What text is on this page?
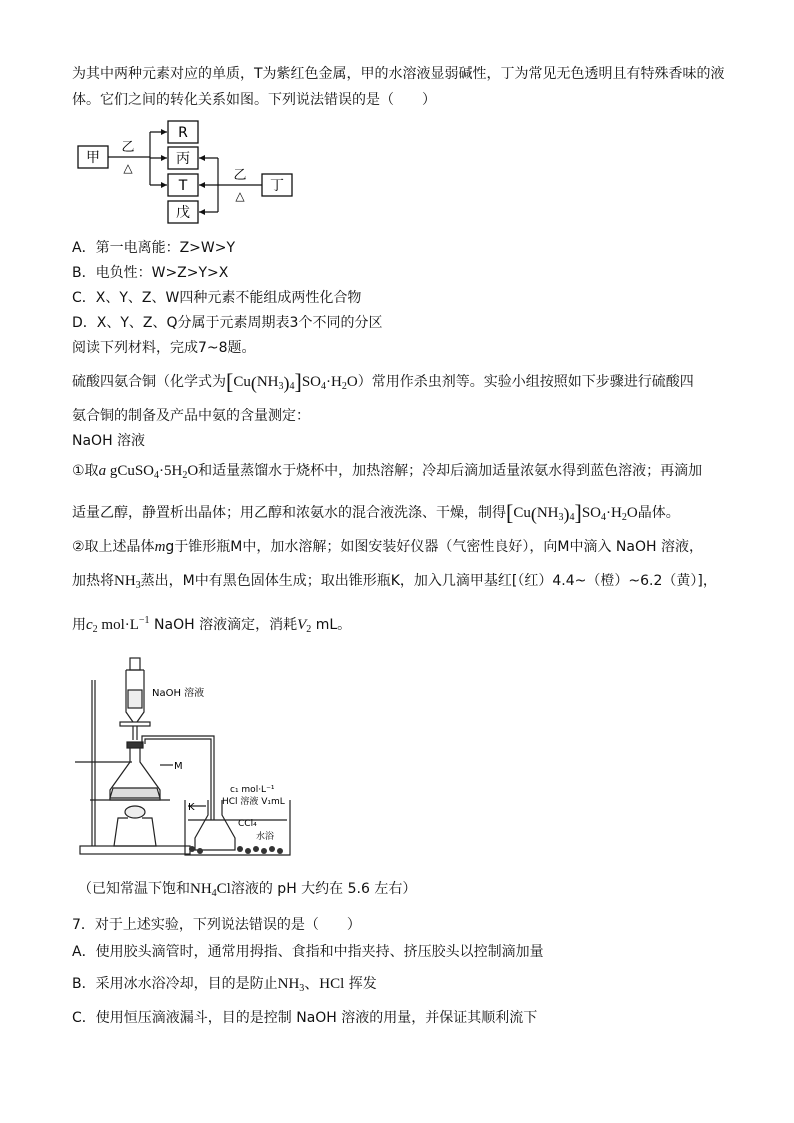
为其中两种元素对应的单质，T为紫红色金属，甲的水溶液显弱碱性，丁为常见无色透明且有特殊香味的液
体。它们之间的转化关系如图。下列说法错误的是（　　）
甲
R
丙
T
戊
丁
乙
△	乙
△
A．第一电离能：Z>W>Y
B．电负性：W>Z>Y>X
C．X、Y、Z、W四种元素不能组成两性化合物
D．X、Y、Z、Q分属于元素周期表3个不同的分区
阅读下列材料，完成7~8题。
硫酸四氨合铜（化学式为$[Cu(NH_3)_4]SO_4\cdot H_2O$）常用作杀虫剂等。实验小组按照如下步骤进行硫酸四
氨合铜的制备及产品中氨的含量测定：
NaOH 溶液
①取a $gCuSO_4\cdot 5H_2O$和适量蒸馏水于烧杯中，加热溶解；冷却后滴加适量浓氨水得到蓝色溶液；再滴加
适量乙醇，静置析出晶体；用乙醇和浓氨水的混合液洗涤、干燥，制得$[Cu(NH_3)_4]SO_4\cdot H_2O$晶体。
②取上述晶体mg于锥形瓶M中，加水溶解；如图安装好仪器（气密性良好），向M中滴入 NaOH 溶液，
加热将$NH_3$蒸出，M中有黑色固体生成；取出锥形瓶K，加入几滴甲基红[（红）4.4~（橙）~6.2（黄）]，
用$c_2$ $mol\cdot L^{-1}$ NaOH 溶液滴定，消耗$V_2$ mL。
NaOH 溶液
M
K
c₁ mol·L⁻¹
HCl 溶液 V₁mL
CCl₄
水浴
（已知常温下饱和$NH_4Cl$溶液的 pH 大约在 5.6 左右）
7．对于上述实验，下列说法错误的是（　　）
A．使用胶头滴管时，通常用拇指、食指和中指夹持、挤压胶头以控制滴加量
B．采用冰水浴冷却，目的是防止$NH_3$、HCl 挥发
C．使用恒压滴液漏斗，目的是控制 NaOH 溶液的用量，并保证其顺利流下
